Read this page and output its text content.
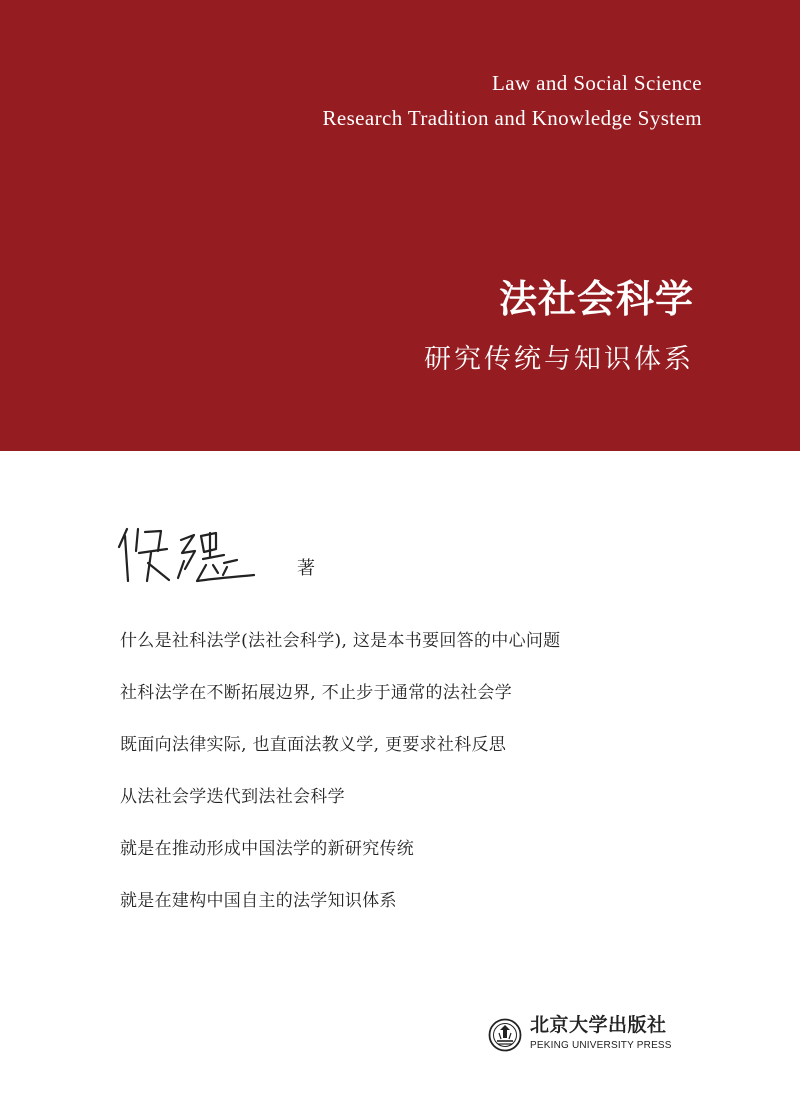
Law and Social Science
Research Tradition and Knowledge System
法社会科学
研究传统与知识体系
著
什么是社科法学(法社会科学), 这是本书要回答的中心问题
社科法学在不断拓展边界, 不止步于通常的法社会学
既面向法律实际, 也直面法教义学, 更要求社科反思
从法社会学迭代到法社会科学
就是在推动形成中国法学的新研究传统
就是在建构中国自主的法学知识体系
北京大学出版社
PEKING UNIVERSITY PRESS
